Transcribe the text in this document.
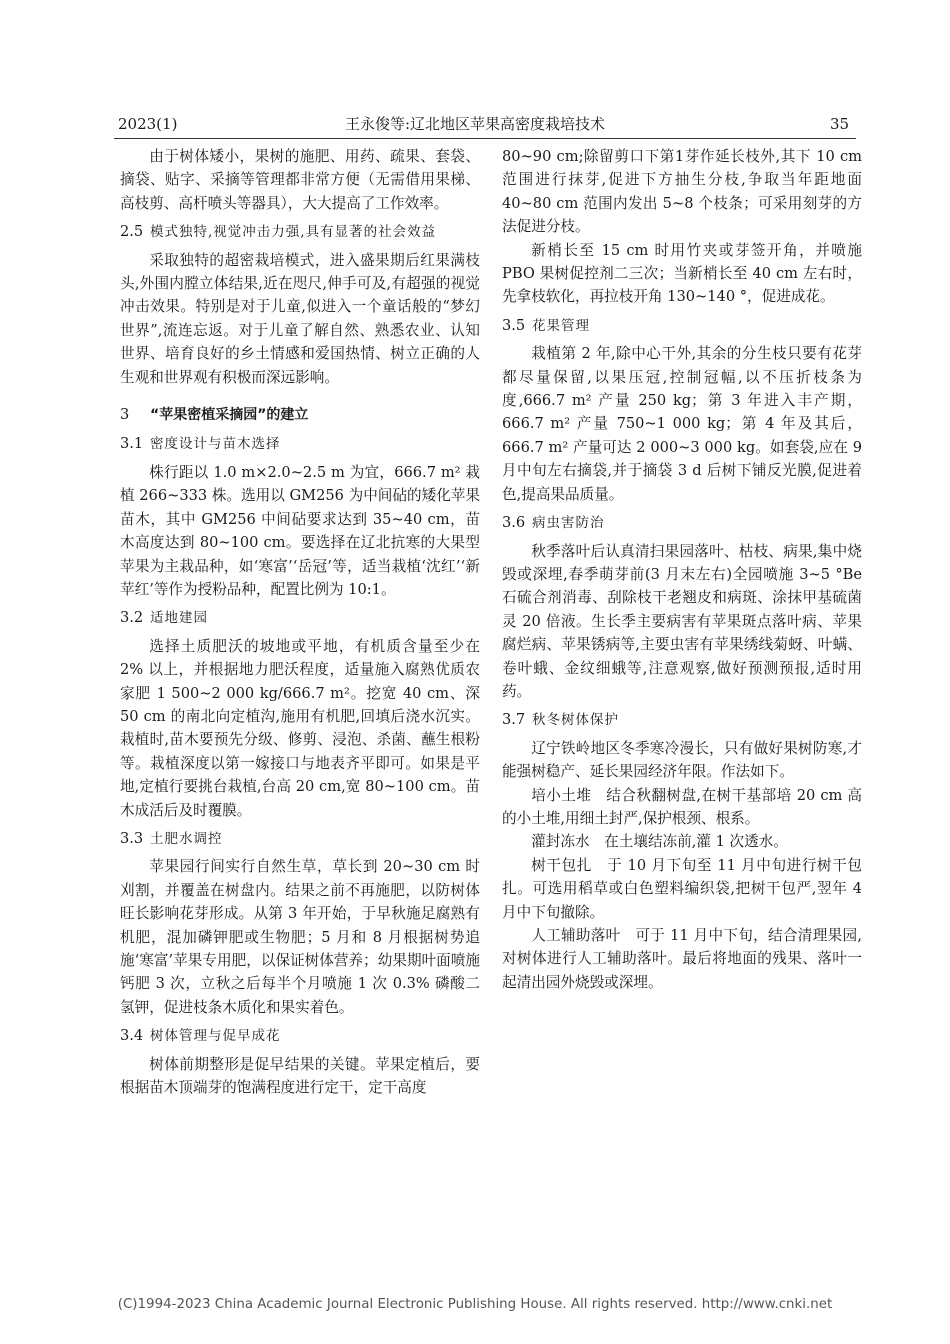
2023(1)	王永俊等:辽北地区苹果高密度栽培技术	35

由于树体矮小，果树的施肥、用药、疏果、套袋、摘袋、贴字、采摘等管理都非常方便（无需借用果梯、高枝剪、高杆喷头等器具），大大提高了工作效率。

2.5 模式独特,视觉冲击力强,具有显著的社会效益

采取独特的超密栽培模式，进入盛果期后红果满枝头,外围内膛立体结果,近在咫尺,伸手可及,有超强的视觉冲击效果。特别是对于儿童,似进入一个童话般的“梦幻世界”,流连忘返。对于儿童了解自然、熟悉农业、认知世界、培育良好的乡土情感和爱国热情、树立正确的人生观和世界观有积极而深远影响。

3 “苹果密植采摘园”的建立
3.1 密度设计与苗木选择

株行距以 1.0 m×2.0~2.5 m 为宜，666.7 m² 栽植 266~333 株。选用以 GM256 为中间砧的矮化苹果苗木，其中 GM256 中间砧要求达到 35~40 cm，苗木高度达到 80~100 cm。要选择在辽北抗寒的大果型苹果为主栽品种，如‘寒富’‘岳冠’等，适当栽植‘沈红’‘新苹红’等作为授粉品种，配置比例为 10:1。

3.2 适地建园

选择土质肥沃的坡地或平地，有机质含量至少在 2% 以上，并根据地力肥沃程度，适量施入腐熟优质农家肥 1 500~2 000 kg/666.7 m²。挖宽 40 cm、深 50 cm 的南北向定植沟,施用有机肥,回填后浇水沉实。栽植时,苗木要预先分级、修剪、浸泡、杀菌、蘸生根粉等。栽植深度以第一嫁接口与地表齐平即可。如果是平地,定植行要挑台栽植,台高 20 cm,宽 80~100 cm。苗木成活后及时覆膜。

3.3 土肥水调控

苹果园行间实行自然生草，草长到 20~30 cm 时刈割，并覆盖在树盘内。结果之前不再施肥，以防树体旺长影响花芽形成。从第 3 年开始，于早秋施足腐熟有机肥，混加磷钾肥或生物肥；5 月和 8 月根据树势追施‘寒富’苹果专用肥，以保证树体营养；幼果期叶面喷施钙肥 3 次，立秋之后每半个月喷施 1 次 0.3% 磷酸二氢钾，促进枝条木质化和果实着色。

3.4 树体管理与促早成花

树体前期整形是促早结果的关键。苹果定植后，要根据苗木顶端芽的饱满程度进行定干，定干高度

80~90 cm;除留剪口下第1芽作延长枝外,其下 10 cm 范围进行抹芽,促进下方抽生分枝,争取当年距地面 40~80 cm 范围内发出 5~8 个枝条；可采用刻芽的方法促进分枝。

新梢长至 15 cm 时用竹夹或芽签开角，并喷施 PBO 果树促控剂二三次；当新梢长至 40 cm 左右时，先拿枝软化，再拉枝开角 130~140 °，促进成花。

3.5 花果管理

栽植第 2 年,除中心干外,其余的分生枝只要有花芽都尽量保留,以果压冠,控制冠幅,以不压折枝条为度,666.7 m² 产量 250 kg；第 3 年进入丰产期，666.7 m² 产量 750~1 000 kg；第 4 年及其后，666.7 m² 产量可达 2 000~3 000 kg。如套袋,应在 9 月中旬左右摘袋,并于摘袋 3 d 后树下铺反光膜,促进着色,提高果品质量。

3.6 病虫害防治

秋季落叶后认真清扫果园落叶、枯枝、病果,集中烧毁或深埋,春季萌芽前(3 月末左右)全园喷施 3~5 °Be 石硫合剂消毒、刮除枝干老翘皮和病斑、涂抹甲基硫菌灵 20 倍液。生长季主要病害有苹果斑点落叶病、苹果腐烂病、苹果锈病等,主要虫害有苹果绣线菊蚜、叶螨、卷叶蛾、金纹细蛾等,注意观察,做好预测预报,适时用药。

3.7 秋冬树体保护

辽宁铁岭地区冬季寒冷漫长，只有做好果树防寒,才能强树稳产、延长果园经济年限。作法如下。

培小土堆　结合秋翻树盘,在树干基部培 20 cm 高的小土堆,用细土封严,保护根颈、根系。

灌封冻水　在土壤结冻前,灌 1 次透水。

树干包扎　于 10 月下旬至 11 月中旬进行树干包扎。可选用稻草或白色塑料编织袋,把树干包严,翌年 4 月中下旬撤除。

人工辅助落叶　可于 11 月中下旬，结合清理果园,对树体进行人工辅助落叶。最后将地面的残果、落叶一起清出园外烧毁或深埋。

(C)1994-2023 China Academic Journal Electronic Publishing House. All rights reserved. http://www.cnki.net
